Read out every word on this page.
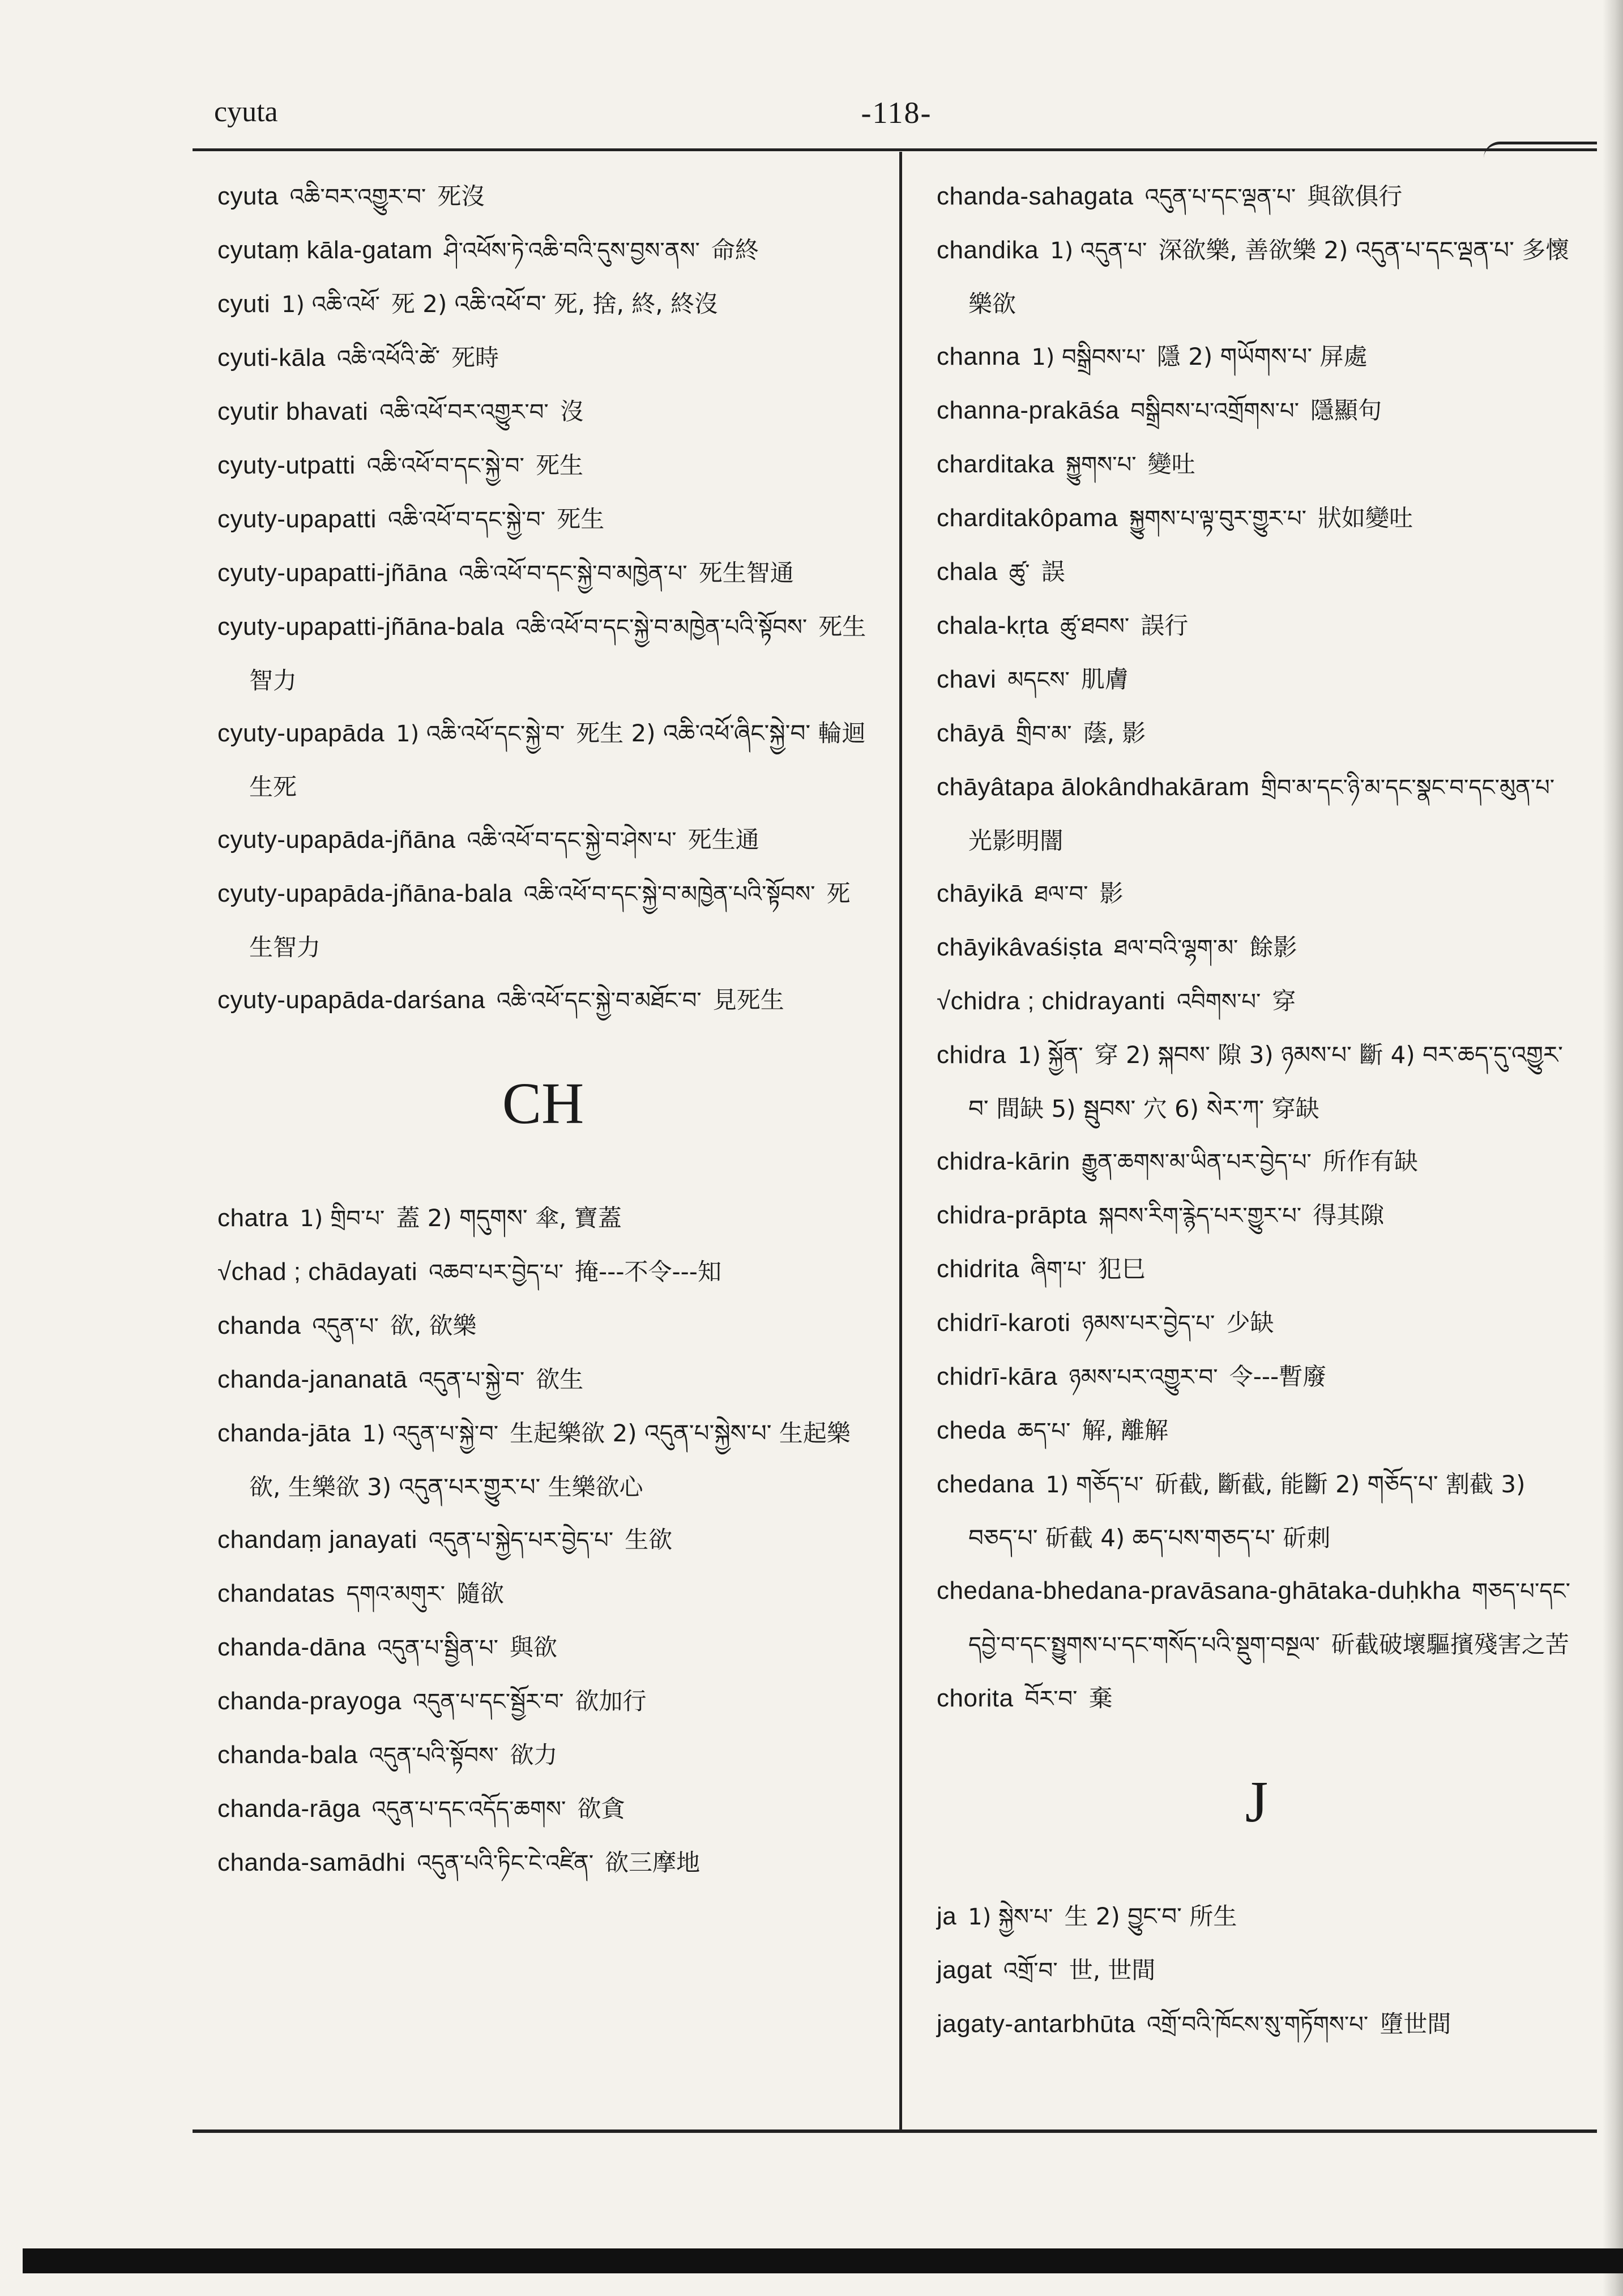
cyuta	-118-

cyuta འཆི་བར་འགྱུར་བ་ 死沒

cyutaṃ kāla-gatam ཤི་འཕོས་ཏེ་འཆི་བའི་དུས་བྱས་ནས་ 命終

cyuti 1) འཆི་འཕོ་ 死 2) འཆི་འཕོ་བ་ 死, 捨, 終, 終沒

cyuti-kāla འཆི་འཕོའི་ཚེ་ 死時

cyutir bhavati འཆི་འཕོ་བར་འགྱུར་བ་ 沒

cyuty-utpatti འཆི་འཕོ་བ་དང་སྐྱེ་བ་ 死生

cyuty-upapatti འཆི་འཕོ་བ་དང་སྐྱེ་བ་ 死生

cyuty-upapatti-jñāna འཆི་འཕོ་བ་དང་སྐྱེ་བ་མཁྱེན་པ་ 死生智通

cyuty-upapatti-jñāna-bala འཆི་འཕོ་བ་དང་སྐྱེ་བ་མཁྱེན་པའི་སྟོབས་ 死生智力

cyuty-upapāda 1) འཆི་འཕོ་དང་སྐྱེ་བ་ 死生 2) འཆི་འཕོ་ཞིང་སྐྱེ་བ་ 輪迴生死

cyuty-upapāda-jñāna འཆི་འཕོ་བ་དང་སྐྱེ་བ་ཤེས་པ་ 死生通

cyuty-upapāda-jñāna-bala འཆི་འཕོ་བ་དང་སྐྱེ་བ་མཁྱེན་པའི་སྟོབས་ 死生智力

cyuty-upapāda-darśana འཆི་འཕོ་དང་སྐྱེ་བ་མཐོང་བ་ 見死生

CH

chatra 1) གྲིབ་པ་ 蓋 2) གདུགས་ 傘, 寶蓋

√chad ; chādayati འཆབ་པར་བྱེད་པ་ 掩---不令---知

chanda འདུན་པ་ 欲, 欲樂

chanda-jananatā འདུན་པ་སྐྱེ་བ་ 欲生

chanda-jāta 1) འདུན་པ་སྐྱེ་བ་ 生起樂欲 2) འདུན་པ་སྐྱེས་པ་ 生起樂欲, 生樂欲 3) འདུན་པར་གྱུར་པ་ 生樂欲心

chandaṃ janayati འདུན་པ་སྐྱེད་པར་བྱེད་པ་ 生欲

chandatas དགའ་མགུར་ 隨欲

chanda-dāna འདུན་པ་སྦྱིན་པ་ 與欲

chanda-prayoga འདུན་པ་དང་སྦྱོར་བ་ 欲加行

chanda-bala འདུན་པའི་སྟོབས་ 欲力

chanda-rāga འདུན་པ་དང་འདོད་ཆགས་ 欲貪

chanda-samādhi འདུན་པའི་ཏིང་ངེ་འཛིན་ 欲三摩地

chanda-sahagata འདུན་པ་དང་ལྡན་པ་ 與欲俱行

chandika 1) འདུན་པ་ 深欲樂, 善欲樂 2) འདུན་པ་དང་ལྡན་པ་ 多懷樂欲

channa 1) བསྒྲིབས་པ་ 隱 2) གཡོགས་པ་ 屏處

channa-prakāśa བསྒྲིབས་པ་འགྲོགས་པ་ 隱顯句

charditaka སྐྱུགས་པ་ 變吐

charditakôpama སྐྱུགས་པ་ལྟ་བུར་གྱུར་པ་ 狀如變吐

chala ཚུ་ 誤

chala-kṛta ཚུ་ཐབས་ 誤行

chavi མདངས་ 肌膚

chāyā གྲིབ་མ་ 蔭, 影

chāyâtapa ālokândhakāram གྲིབ་མ་དང་ཉི་མ་དང་སྣང་བ་དང་མུན་པ་光影明闇

chāyikā ཐལ་བ་ 影

chāyikâvaśiṣta ཐལ་བའི་ལྷག་མ་ 餘影

√chidra ; chidrayanti འབིགས་པ་ 穿

chidra 1) སྐྱོན་ 穿 2) སྐབས་ 隙 3) ཉམས་པ་ 斷 4) བར་ཆད་དུ་འགྱུར་བ་ 間缺 5) སྦུབས་ 穴 6) སེར་ཀ་ 穿缺

chidra-kārin རྒྱུན་ཆགས་མ་ཡིན་པར་བྱེད་པ་ 所作有缺

chidra-prāpta སྐབས་རིག་རྙེད་པར་གྱུར་པ་ 得其隙

chidrita ཞིག་པ་ 犯巳

chidrī-karoti ཉམས་པར་བྱེད་པ་ 少缺

chidrī-kāra ཉམས་པར་འགྱུར་བ་ 令---暫廢

cheda ཆད་པ་ 解, 離解

chedana 1) གཅོད་པ་ 斫截, 斷截, 能斷 2) གཅོད་པ་ 割截 3) བཅད་པ་ 斫截 4) ཆད་པས་གཅད་པ་ 斫刺

chedana-bhedana-pravāsana-ghātaka-duḥkha གཅད་པ་དང་དབྱེ་བ་དང་སྤྱུགས་པ་དང་གསོད་པའི་སྡུག་བསྔལ་ 斫截破壞驅擯殘害之苦

chorita བོར་བ་ 棄

J

ja 1) སྐྱེས་པ་ 生 2) བྱུང་བ་ 所生

jagat འགྲོ་བ་ 世, 世間

jagaty-antarbhūta འགྲོ་བའི་ཁོངས་སུ་གཏོགས་པ་ 墮世間
